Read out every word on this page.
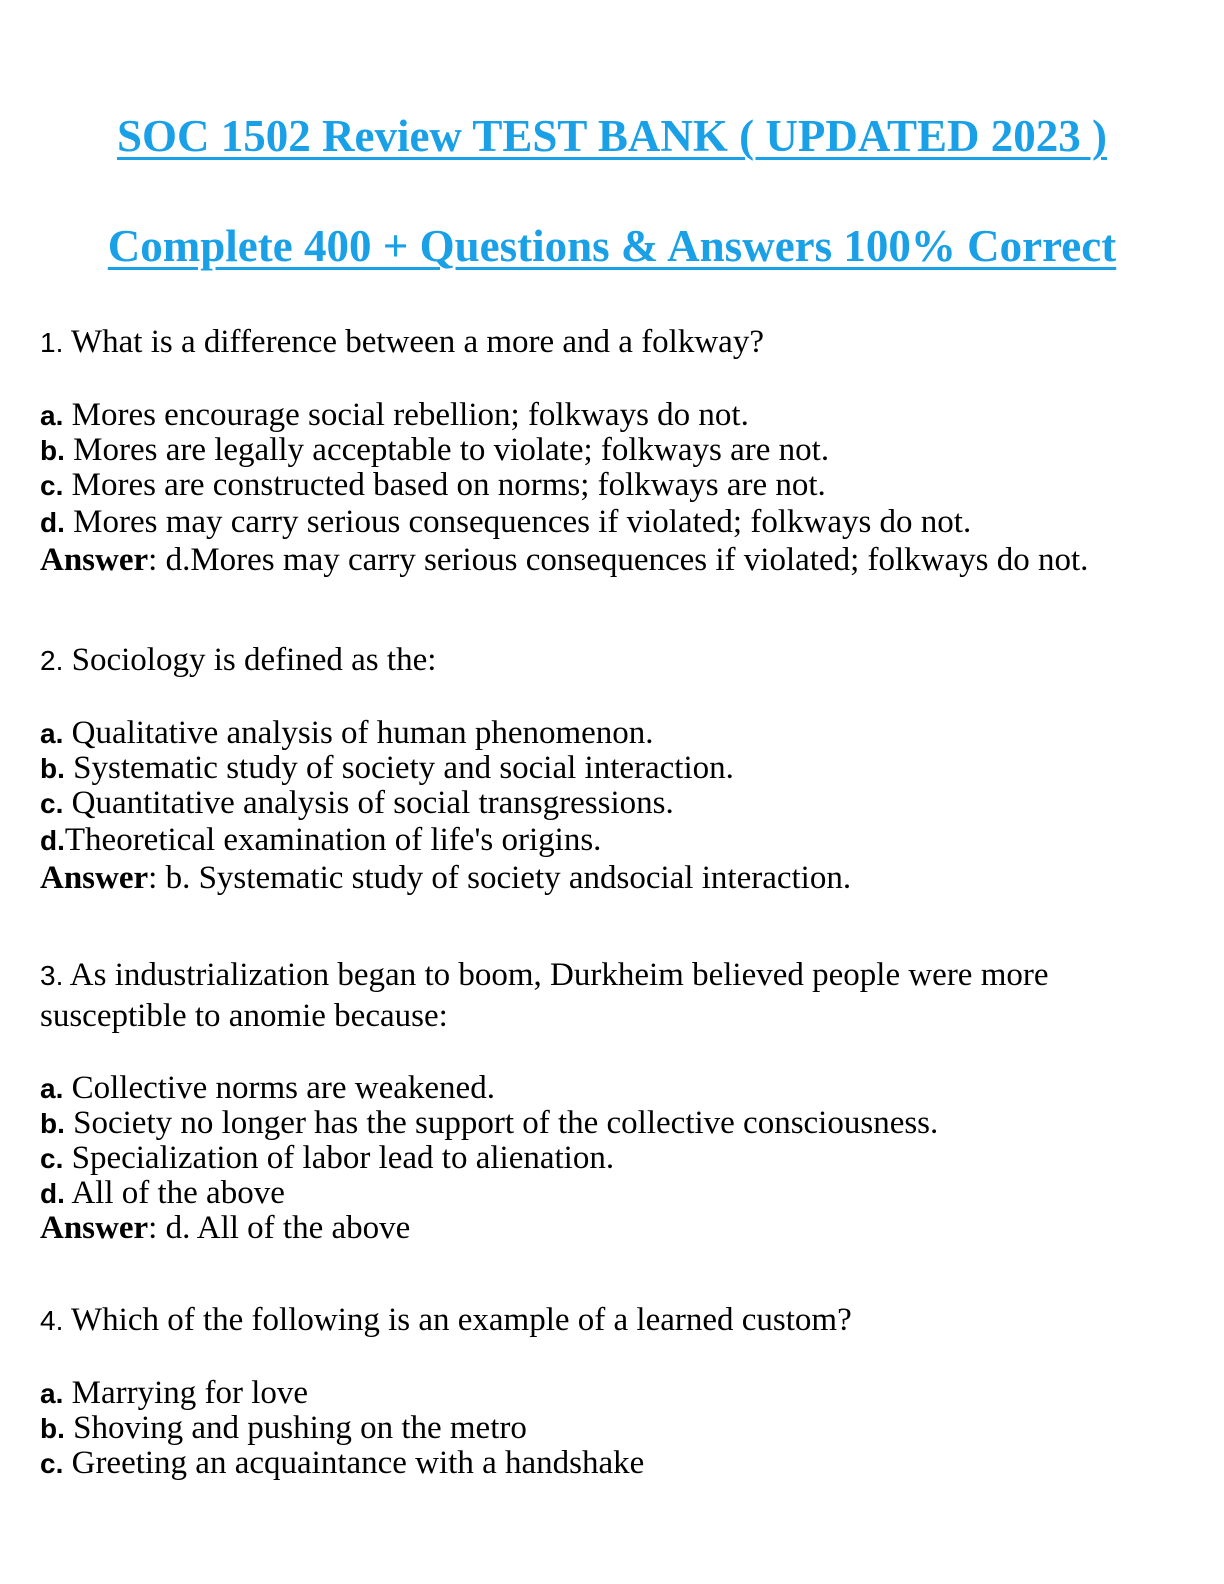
SOC 1502 Review TEST BANK ( UPDATED 2023 )
Complete 400 + Questions & Answers 100% Correct

1. What is a difference between a more and a folkway?

a. Mores encourage social rebellion; folkways do not.

b. Mores are legally acceptable to violate; folkways are not.

c. Mores are constructed based on norms; folkways are not.

d. Mores may carry serious consequences if violated; folkways do not.

Answer: d.Mores may carry serious consequences if violated; folkways do not.

2. Sociology is defined as the:

a. Qualitative analysis of human phenomenon.

b. Systematic study of society and social interaction.

c. Quantitative analysis of social transgressions.

d.Theoretical examination of life's origins.

Answer: b. Systematic study of society andsocial interaction.

3. As industrialization began to boom, Durkheim believed people were more susceptible to anomie because:

a. Collective norms are weakened.

b. Society no longer has the support of the collective consciousness.

c. Specialization of labor lead to alienation.

d. All of the above

Answer: d. All of the above

4. Which of the following is an example of a learned custom?

a. Marrying for love

b. Shoving and pushing on the metro

c. Greeting an acquaintance with a handshake
